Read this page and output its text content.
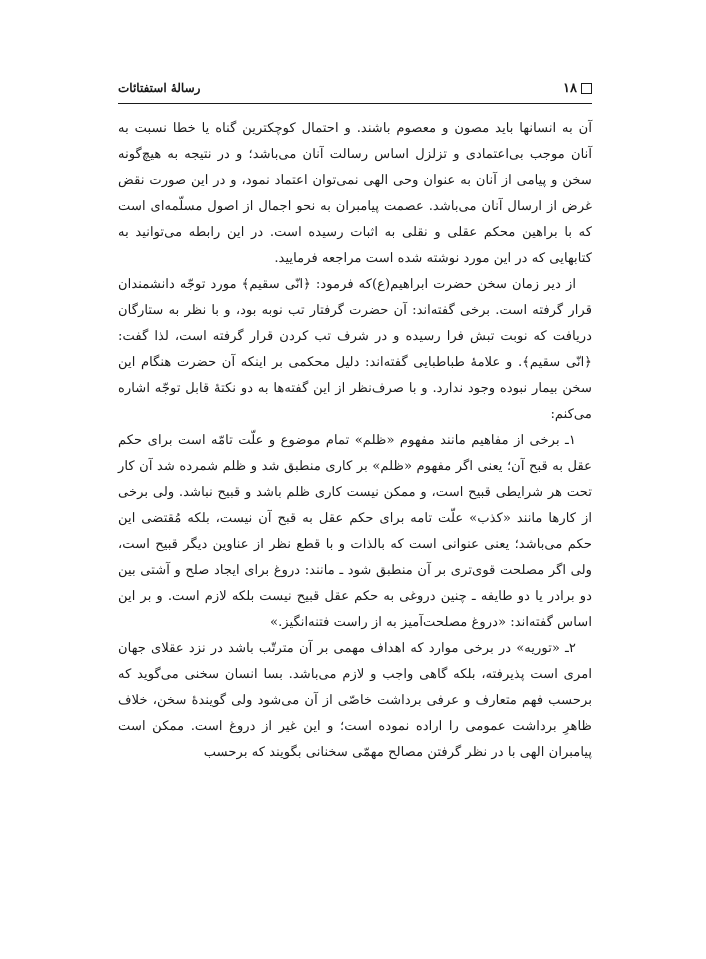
۱۸
رسالهٔ استفتائات

آن به انسانها باید مصون و معصوم باشند. و احتمال کوچکترین گناه یا خطا نسبت به آنان موجب بی‌اعتمادی و تزلزل اساس رسالت آنان می‌باشد؛ و در نتیجه به هیچ‌گونه سخن و پیامی از آنان به عنوان وحی الهی نمی‌توان اعتماد نمود، و در این صورت نقض غرض از ارسال آنان می‌باشد. عصمت پیامبران به نحو اجمال از اصول مسلّمه‌ای است که با براهین محکم عقلی و نقلی به اثبات رسیده است. در این رابطه می‌توانید به کتابهایی که در این مورد نوشته شده است مراجعه فرمایید.

از دیر زمان سخن حضرت ابراهیم(ع)که فرمود: ﴿انّی سقیم﴾ مورد توجّه دانشمندان قرار گرفته است. برخی گفته‌اند: آن حضرت گرفتار تب نوبه بود، و با نظر به ستارگان دریافت که نوبت تبش فرا رسیده و در شرف تب کردن قرار گرفته است، لذا گفت: ﴿انّی سقیم﴾. و علامهٔ طباطبایی گفته‌اند: دلیل محکمی بر اینکه آن حضرت هنگام این سخن بیمار نبوده وجود ندارد. و با صرف‌نظر از این گفته‌ها به دو نکتهٔ قابل توجّه اشاره می‌کنم:

۱ـ برخی از مفاهیم مانند مفهوم «ظلم» تمام موضوع و علّت تامّه است برای حکم عقل به قبح آن؛ یعنی اگر مفهوم «ظلم» بر کاری منطبق شد و ظلم شمرده شد آن کار تحت هر شرایطی قبیح است، و ممکن نیست کاری ظلم باشد و قبیح نباشد. ولی برخی از کارها مانند «کذب» علّت تامه برای حکم عقل به قبح آن نیست، بلکه مُقتضی این حکم می‌باشد؛ یعنی عنوانی است که بالذات و با قطع نظر از عناوین دیگر قبیح است، ولی اگر مصلحت قوی‌تری بر آن منطبق شود ـ مانند: دروغ برای ایجاد صلح و آشتی بین دو برادر یا دو طایفه ـ چنین دروغی به حکم عقل قبیح نیست بلکه لازم است. و بر این اساس گفته‌اند: «دروغ مصلحت‌آمیز به از راست فتنه‌انگیز.»

۲ـ «توریه» در برخی موارد که اهداف مهمی بر آن مترتّب باشد در نزد عقلای جهان امری است پذیرفته، بلکه گاهی واجب و لازم می‌باشد. بسا انسان سخنی می‌گوید که برحسب فهم متعارف و عرفی برداشت خاصّی از آن می‌شود ولی گویندهٔ سخن، خلاف ظاهرِ برداشت عمومی را اراده نموده است؛ و این غیر از دروغ است. ممکن است پیامبران الهی با در نظر گرفتن مصالح مهمّی سخنانی بگویند که برحسب
